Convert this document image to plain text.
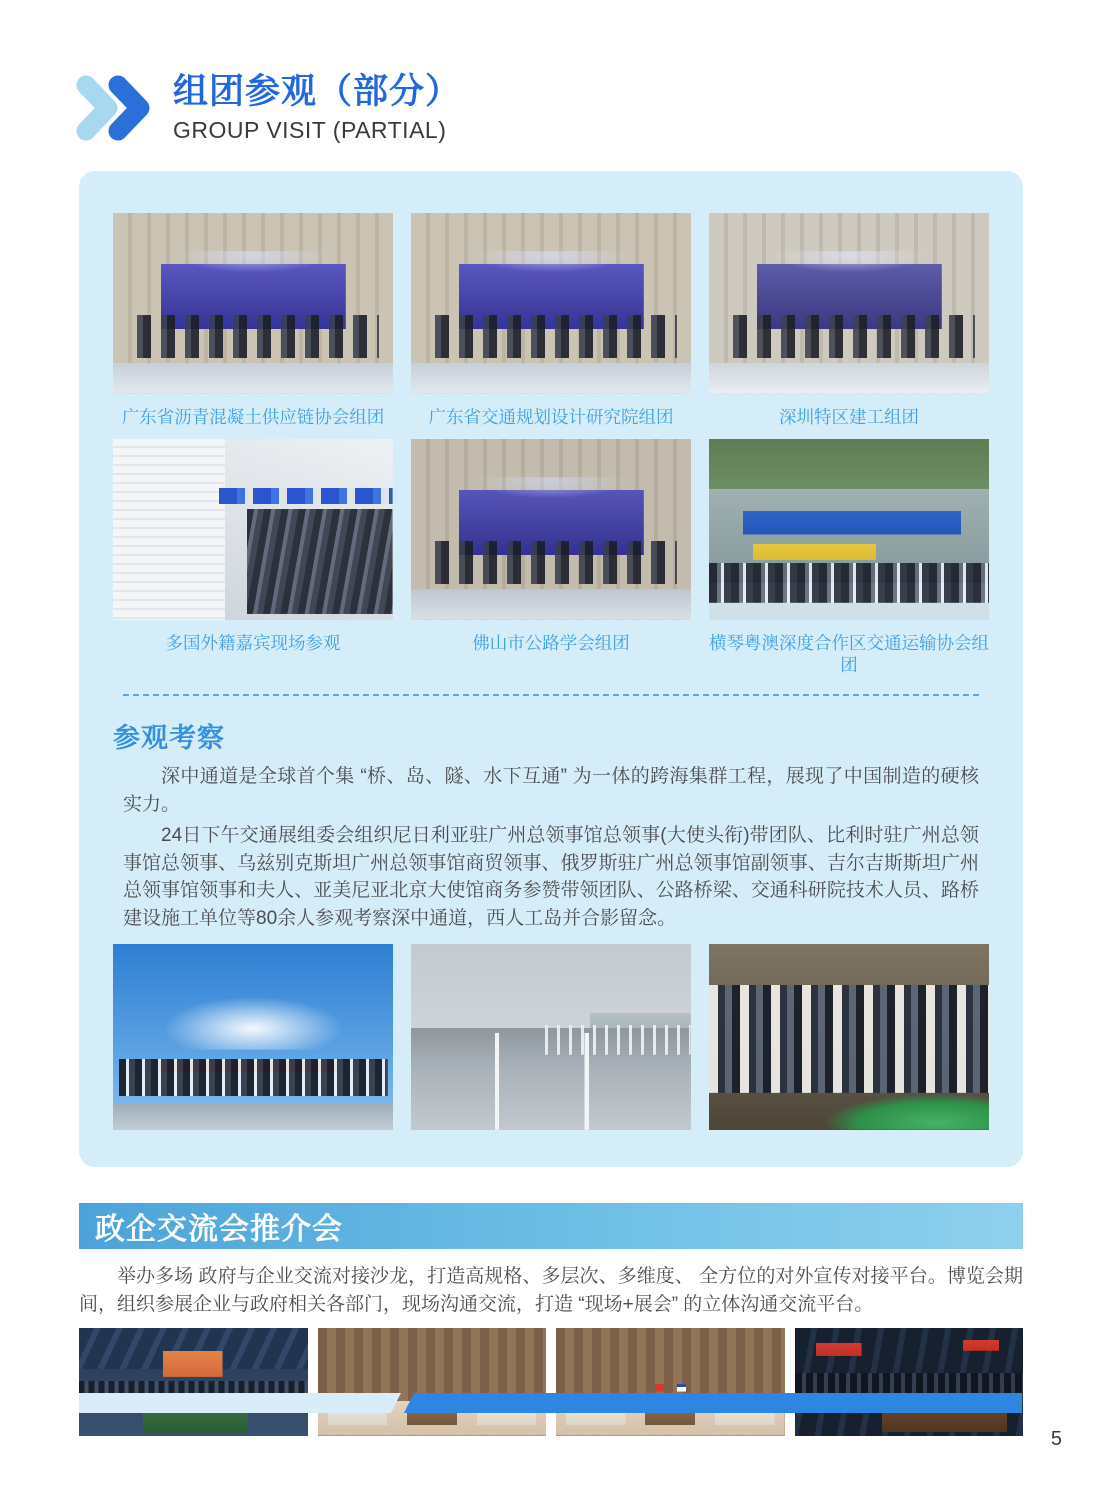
组团参观（部分）
GROUP VISIT (PARTIAL)
广东省沥青混凝土供应链协会组团	广东省交通规划设计研究院组团	深圳特区建工组团
多国外籍嘉宾现场参观	佛山市公路学会组团	横琴粤澳深度合作区交通运输协会组团
参观考察

深中通道是全球首个集 “桥、岛、隧、水下互通” 为一体的跨海集群工程，展现了中国制造的硬核实力。

24日下午交通展组委会组织尼日利亚驻广州总领事馆总领事(大使头衔)带团队、比利时驻广州总领事馆总领事、乌兹别克斯坦广州总领事馆商贸领事、俄罗斯驻广州总领事馆副领事、吉尔吉斯斯坦广州总领事馆领事和夫人、亚美尼亚北京大使馆商务参赞带领团队、公路桥梁、交通科研院技术人员、路桥建设施工单位等80余人参观考察深中通道，西人工岛并合影留念。

政企交流会推介会

举办多场 政府与企业交流对接沙龙，打造高规格、多层次、多维度、 全方位的对外宣传对接平台。博览会期间，组织参展企业与政府相关各部门，现场沟通交流，打造 “现场+展会” 的立体沟通交流平台。

5
